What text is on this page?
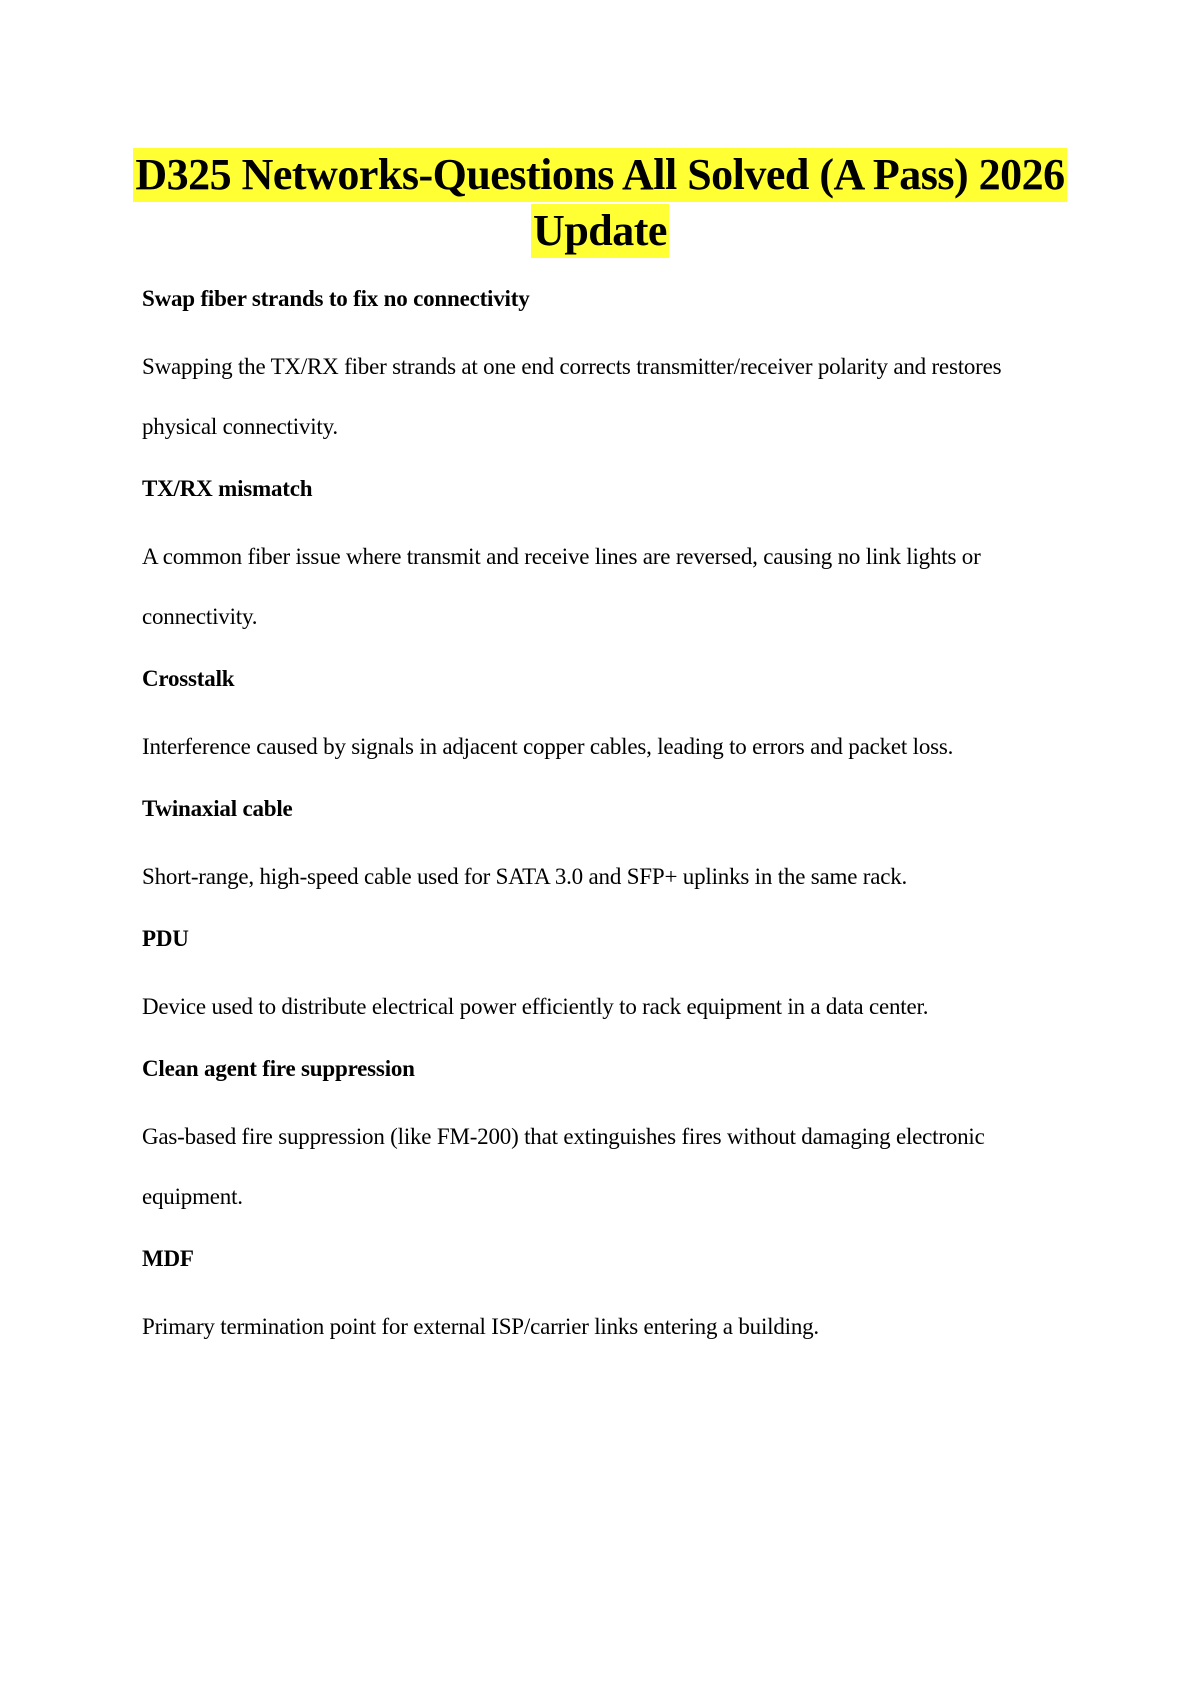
D325 Networks-Questions All Solved (A Pass) 2026
Update

Swap fiber strands to fix no connectivity

Swapping the TX/RX fiber strands at one end corrects transmitter/receiver polarity and restores physical connectivity.

TX/RX mismatch

A common fiber issue where transmit and receive lines are reversed, causing no link lights or connectivity.

Crosstalk

Interference caused by signals in adjacent copper cables, leading to errors and packet loss.

Twinaxial cable

Short-range, high-speed cable used for SATA 3.0 and SFP+ uplinks in the same rack.

PDU

Device used to distribute electrical power efficiently to rack equipment in a data center.

Clean agent fire suppression

Gas-based fire suppression (like FM-200) that extinguishes fires without damaging electronic equipment.

MDF

Primary termination point for external ISP/carrier links entering a building.
